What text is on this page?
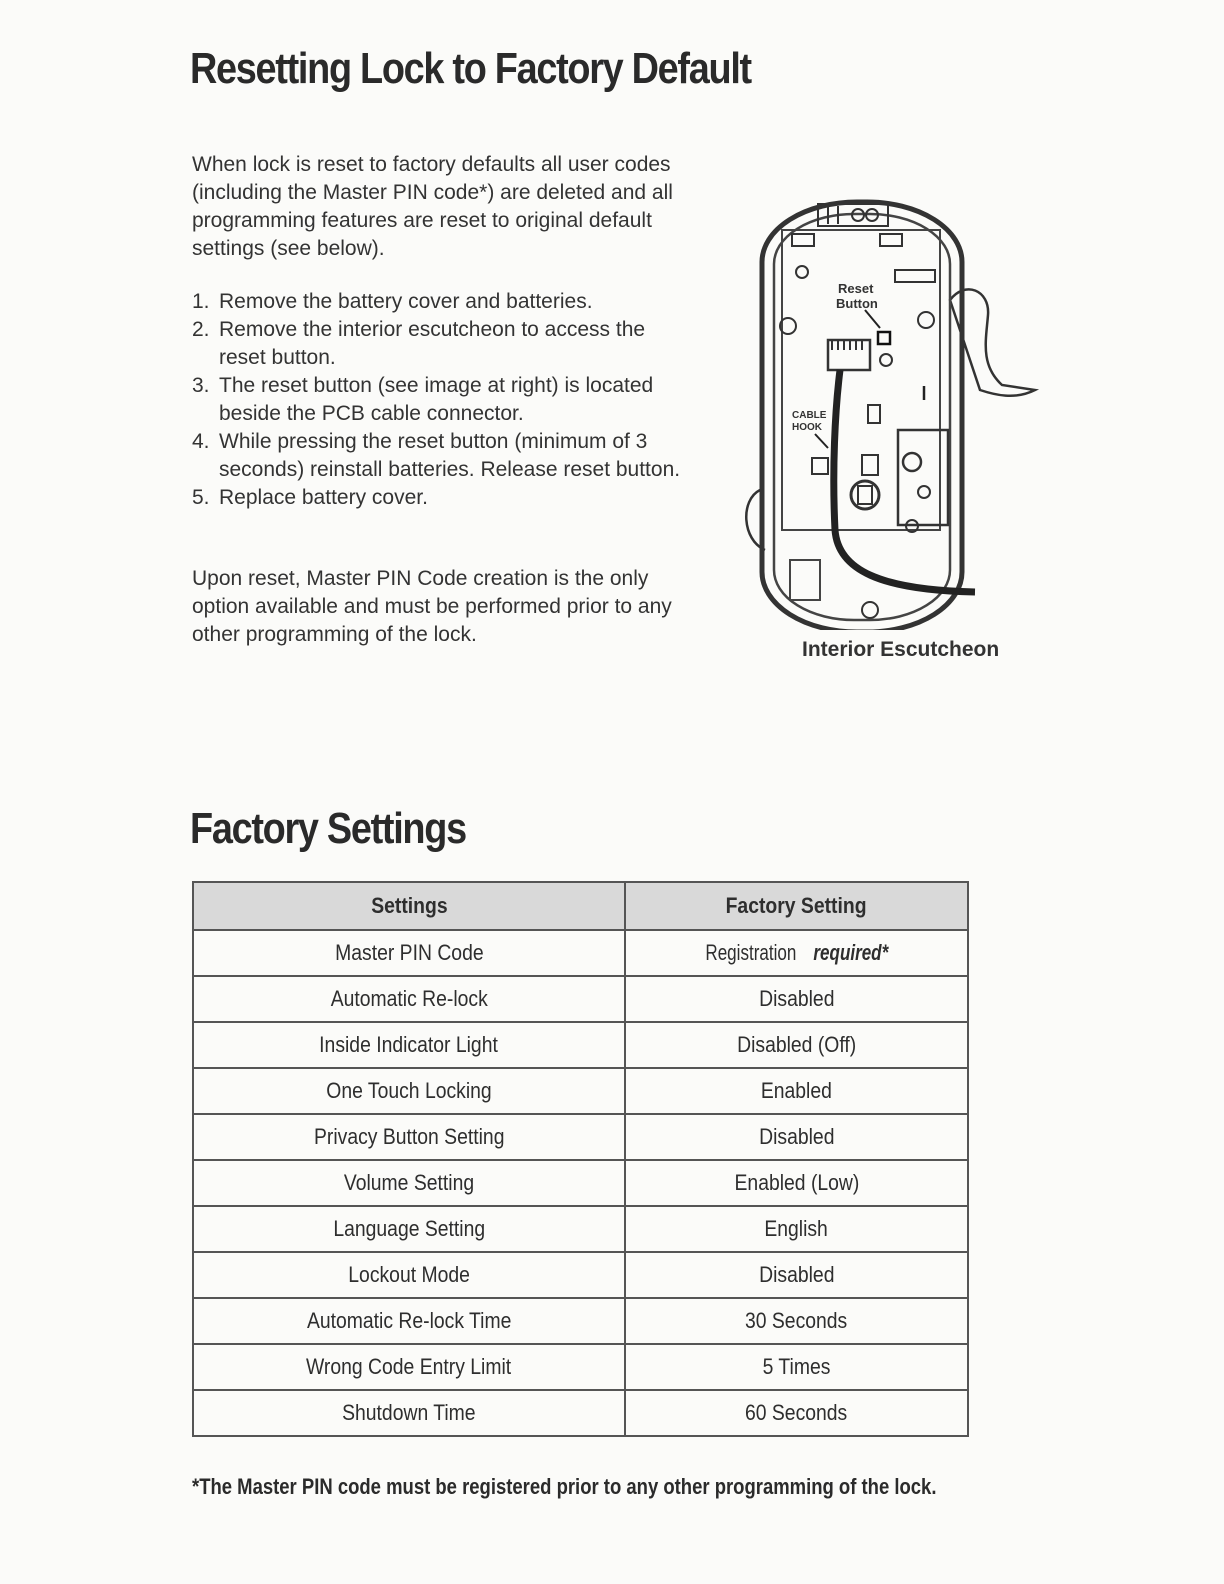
Resetting Lock to Factory Default

When lock is reset to factory defaults all user codes (including the Master PIN code*) are deleted and all programming features are reset to original default settings (see below).

1. Remove the battery cover and batteries.
2. Remove the interior escutcheon to access the reset button.
3. The reset button (see image at right) is located beside the PCB cable connector.
4. While pressing the reset button (minimum of 3 seconds) reinstall batteries. Release reset button.
5. Replace battery cover.

Upon reset, Master PIN Code creation is the only option available and must be performed prior to any other programming of the lock.

Reset
Button
CABLE
HOOK
Interior Escutcheon
Factory Settings
Settings	Factory Setting
Master PIN Code	Registration required*
Automatic Re-lock	Disabled
Inside Indicator Light	Disabled (Off)
One Touch Locking	Enabled
Privacy Button Setting	Disabled
Volume Setting	Enabled (Low)
Language Setting	English
Lockout Mode	Disabled
Automatic Re-lock Time	30 Seconds
Wrong Code Entry Limit	5 Times
Shutdown Time	60 Seconds
*The Master PIN code must be registered prior to any other programming of the lock.
